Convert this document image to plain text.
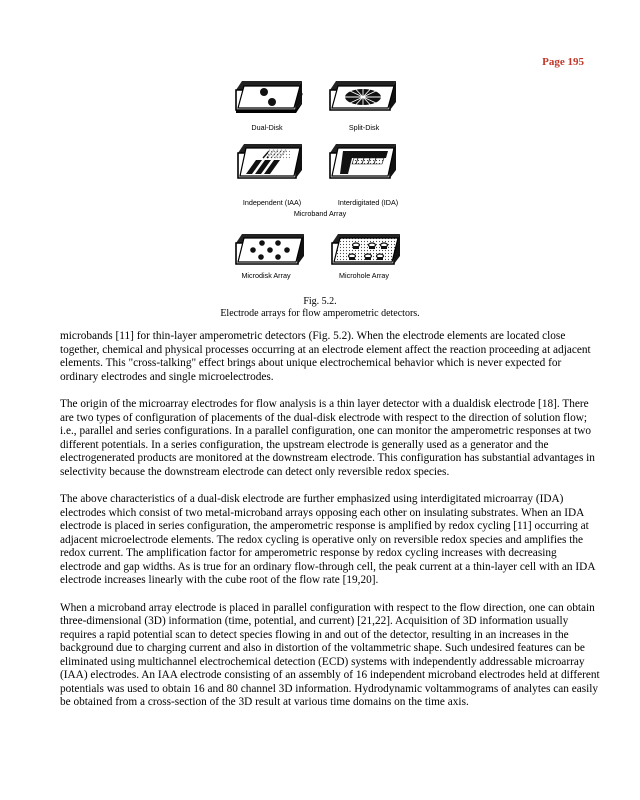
Page 195
Dual-Disk	Split-Disk
Independent (IAA)	Interdigitated (IDA)
Microband Array
Microdisk Array	Microhole Array
Fig. 5.2.
Electrode arrays for flow amperometric detectors.

microbands [11] for thin-layer amperometric detectors (Fig. 5.2). When the electrode elements are located close together, chemical and physical processes occurring at an electrode element affect the reaction proceeding at adjacent elements. This "cross-talking" effect brings about unique electrochemical behavior which is never expected for ordinary electrodes and single microelectrodes.

The origin of the microarray electrodes for flow analysis is a thin layer detector with a dualdisk electrode [18]. There are two types of configuration of placements of the dual-disk electrode with respect to the direction of solution flow; i.e., parallel and series configurations. In a parallel configuration, one can monitor the amperometric responses at two different potentials. In a series configuration, the upstream electrode is generally used as a generator and the electrogenerated products are monitored at the downstream electrode. This configuration has substantial advantages in selectivity because the downstream electrode can detect only reversible redox species.

The above characteristics of a dual-disk electrode are further emphasized using interdigitated microarray (IDA) electrodes which consist of two metal-microband arrays opposing each other on insulating substrates. When an IDA electrode is placed in series configuration, the amperometric response is amplified by redox cycling [11] occurring at adjacent microelectrode elements. The redox cycling is operative only on reversible redox species and amplifies the redox current. The amplification factor for amperometric response by redox cycling increases with decreasing electrode and gap widths. As is true for an ordinary flow-through cell, the peak current at a thin-layer cell with an IDA electrode increases linearly with the cube root of the flow rate [19,20].

When a microband array electrode is placed in parallel configuration with respect to the flow direction, one can obtain three-dimensional (3D) information (time, potential, and current) [21,22]. Acquisition of 3D information usually requires a rapid potential scan to detect species flowing in and out of the detector, resulting in an increases in the background due to charging current and also in distortion of the voltammetric shape. Such undesired features can be eliminated using multichannel electrochemical detection (ECD) systems with independently addressable microarray (IAA) electrodes. An IAA electrode consisting of an assembly of 16 independent microband electrodes held at different potentials was used to obtain 16 and 80 channel 3D information. Hydrodynamic voltammograms of analytes can easily be obtained from a cross-section of the 3D result at various time domains on the time axis.
